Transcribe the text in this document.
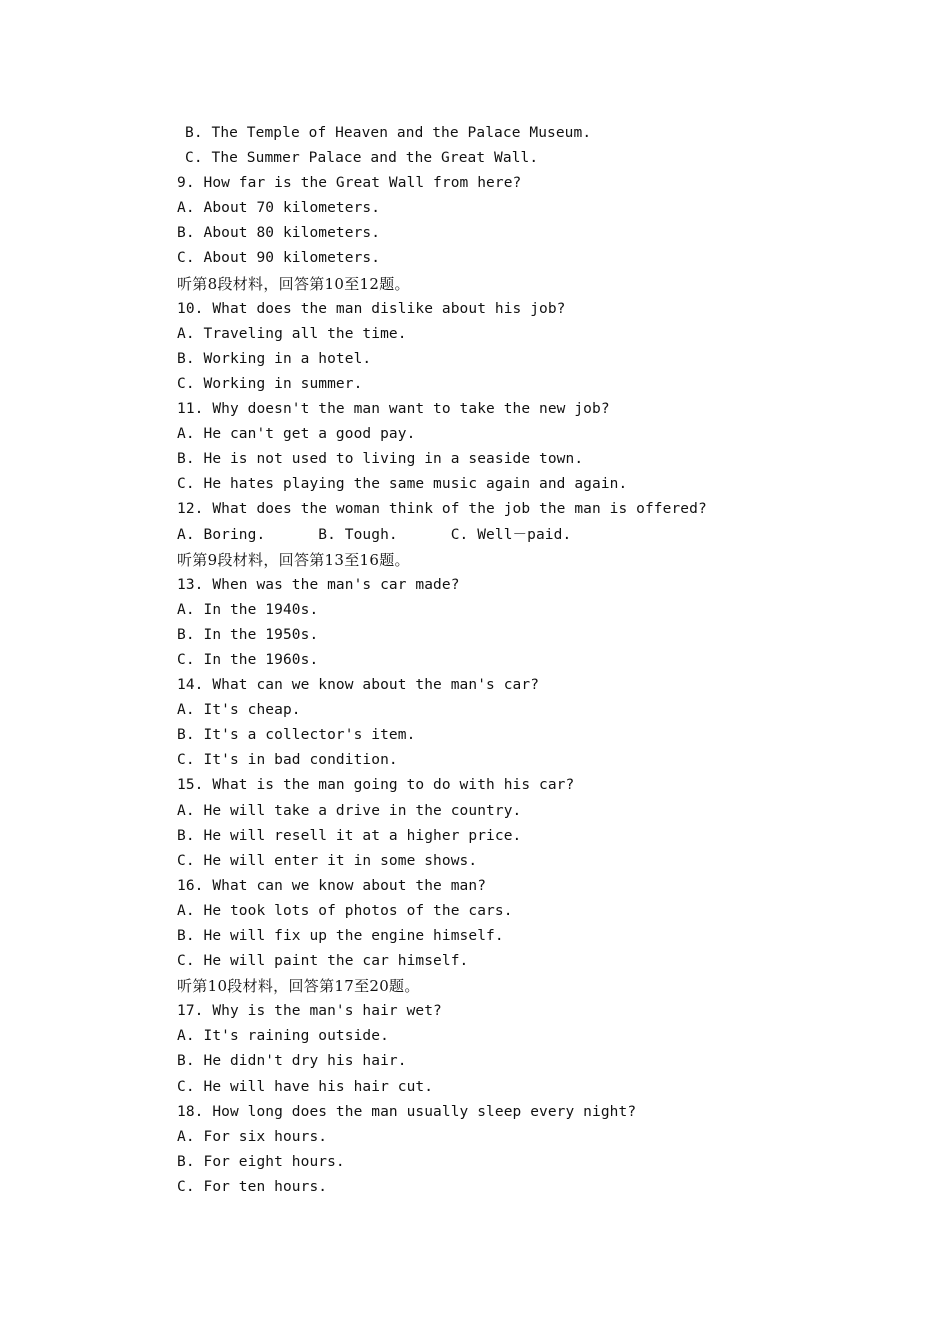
B. The Temple of Heaven and the Palace Museum.
C. The Summer Palace and the Great Wall.
9. How far is the Great Wall from here?
A. About 70 kilometers.
B. About 80 kilometers.
C. About 90 kilometers.
听第8段材料，回答第10至12题。
10. What does the man dislike about his job?
A. Traveling all the time.
B. Working in a hotel.
C. Working in summer.
11. Why doesn't the man want to take the new job?
A. He can't get a good pay.
B. He is not used to living in a seaside town.
C. He hates playing the same music again and again.
12. What does the woman think of the job the man is offered?
A. Boring.      B. Tough.      C. Well－paid.
听第9段材料，回答第13至16题。
13. When was the man's car made?
A. In the 1940s.
B. In the 1950s.
C. In the 1960s.
14. What can we know about the man's car?
A. It's cheap.
B. It's a collector's item.
C. It's in bad condition.
15. What is the man going to do with his car?
A. He will take a drive in the country.
B. He will resell it at a higher price.
C. He will enter it in some shows.
16. What can we know about the man?
A. He took lots of photos of the cars.
B. He will fix up the engine himself.
C. He will paint the car himself.
听第10段材料，回答第17至20题。
17. Why is the man's hair wet?
A. It's raining outside.
B. He didn't dry his hair.
C. He will have his hair cut.
18. How long does the man usually sleep every night?
A. For six hours.
B. For eight hours.
C. For ten hours.
